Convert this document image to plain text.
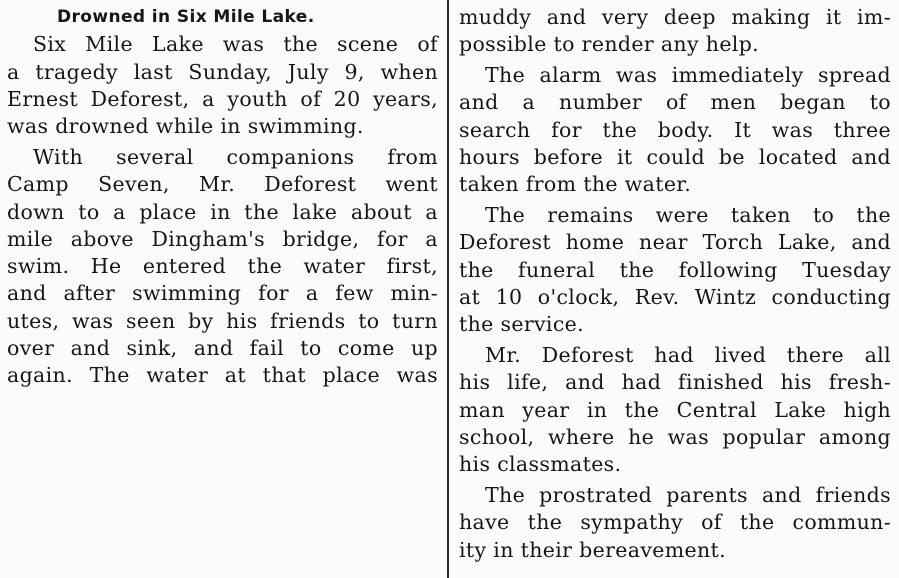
Drowned in Six Mile Lake.
Six Mile Lake was the scene of
a tragedy last Sunday, July 9, when
Ernest Deforest, a youth of 20 years,
was drowned while in swimming.
With several companions from
Camp Seven, Mr. Deforest went
down to a place in the lake about a
mile above Dingham's bridge, for a
swim. He entered the water first,
and after swimming for a few min-
utes, was seen by his friends to turn
over and sink, and fail to come up
again. The water at that place was
muddy and very deep making it im-
possible to render any help.
The alarm was immediately spread
and a number of men began to
search for the body. It was three
hours before it could be located and
taken from the water.
The remains were taken to the
Deforest home near Torch Lake, and
the funeral the following Tuesday
at 10 o'clock, Rev. Wintz conducting
the service.
Mr. Deforest had lived there all
his life, and had finished his fresh-
man year in the Central Lake high
school, where he was popular among
his classmates.
The prostrated parents and friends
have the sympathy of the commun-
ity in their bereavement.
